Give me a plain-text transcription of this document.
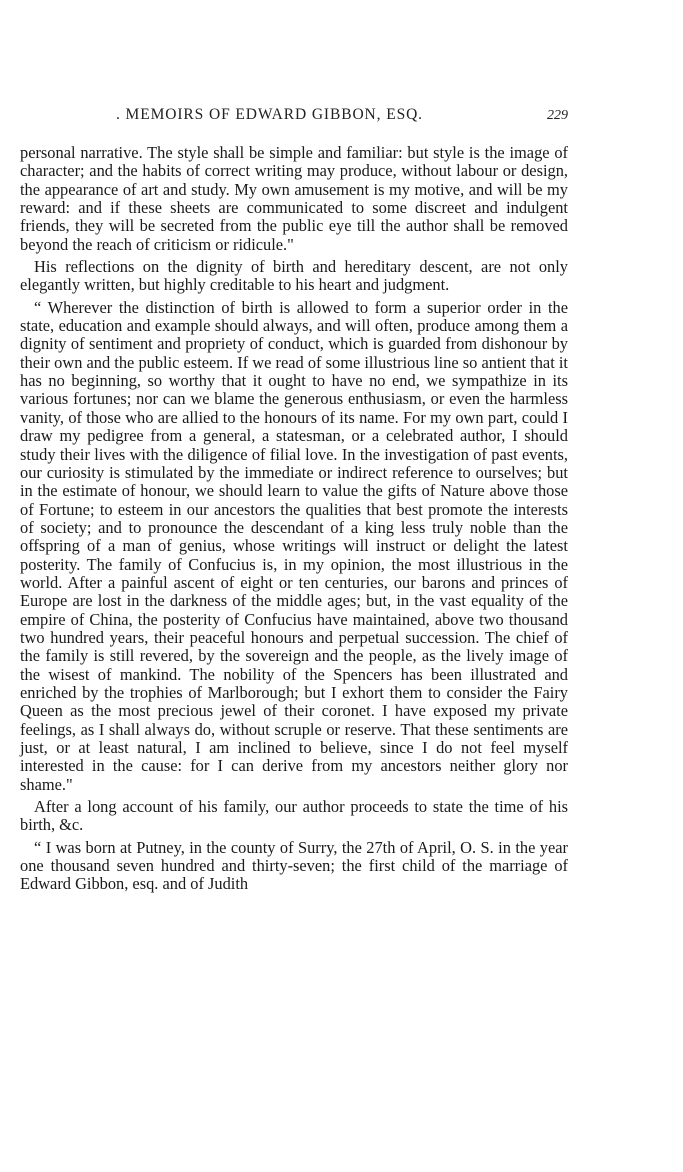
. MEMOIRS OF EDWARD GIBBON, ESQ.	229

personal narrative. The style shall be simple and familiar: but style is the image of character; and the habits of correct writing may produce, without labour or design, the appearance of art and study. My own amusement is my motive, and will be my reward: and if these sheets are communicated to some discreet and indulgent friends, they will be secreted from the public eye till the author shall be removed beyond the reach of criticism or ridicule."

His reflections on the dignity of birth and hereditary descent, are not only elegantly written, but highly creditable to his heart and judgment.

“ Wherever the distinction of birth is allowed to form a superior order in the state, education and example should always, and will often, produce among them a dignity of sentiment and propriety of conduct, which is guarded from dishonour by their own and the public esteem. If we read of some illustrious line so antient that it has no beginning, so worthy that it ought to have no end, we sympathize in its various fortunes; nor can we blame the generous enthusiasm, or even the harmless vanity, of those who are allied to the honours of its name. For my own part, could I draw my pedigree from a general, a statesman, or a celebrated author, I should study their lives with the diligence of filial love. In the investigation of past events, our curiosity is stimulated by the immediate or indirect reference to ourselves; but in the estimate of honour, we should learn to value the gifts of Nature above those of Fortune; to esteem in our ancestors the qualities that best promote the interests of society; and to pronounce the descendant of a king less truly noble than the offspring of a man of genius, whose writings will instruct or delight the latest posterity. The family of Confucius is, in my opinion, the most illustrious in the world. After a painful ascent of eight or ten centuries, our barons and princes of Europe are lost in the darkness of the middle ages; but, in the vast equality of the empire of China, the posterity of Confucius have maintained, above two thousand two hundred years, their peaceful honours and perpetual succession. The chief of the family is still revered, by the sovereign and the people, as the lively image of the wisest of mankind. The nobility of the Spencers has been illustrated and enriched by the trophies of Marlborough; but I exhort them to consider the Fairy Queen as the most precious jewel of their coronet. I have exposed my private feelings, as I shall always do, without scruple or reserve. That these sentiments are just, or at least natural, I am inclined to believe, since I do not feel myself interested in the cause: for I can derive from my ancestors neither glory nor shame."

After a long account of his family, our author proceeds to state the time of his birth, &c.

“ I was born at Putney, in the county of Surry, the 27th of April, O. S. in the year one thousand seven hundred and thirty-seven; the first child of the marriage of Edward Gibbon, esq. and of Judith
